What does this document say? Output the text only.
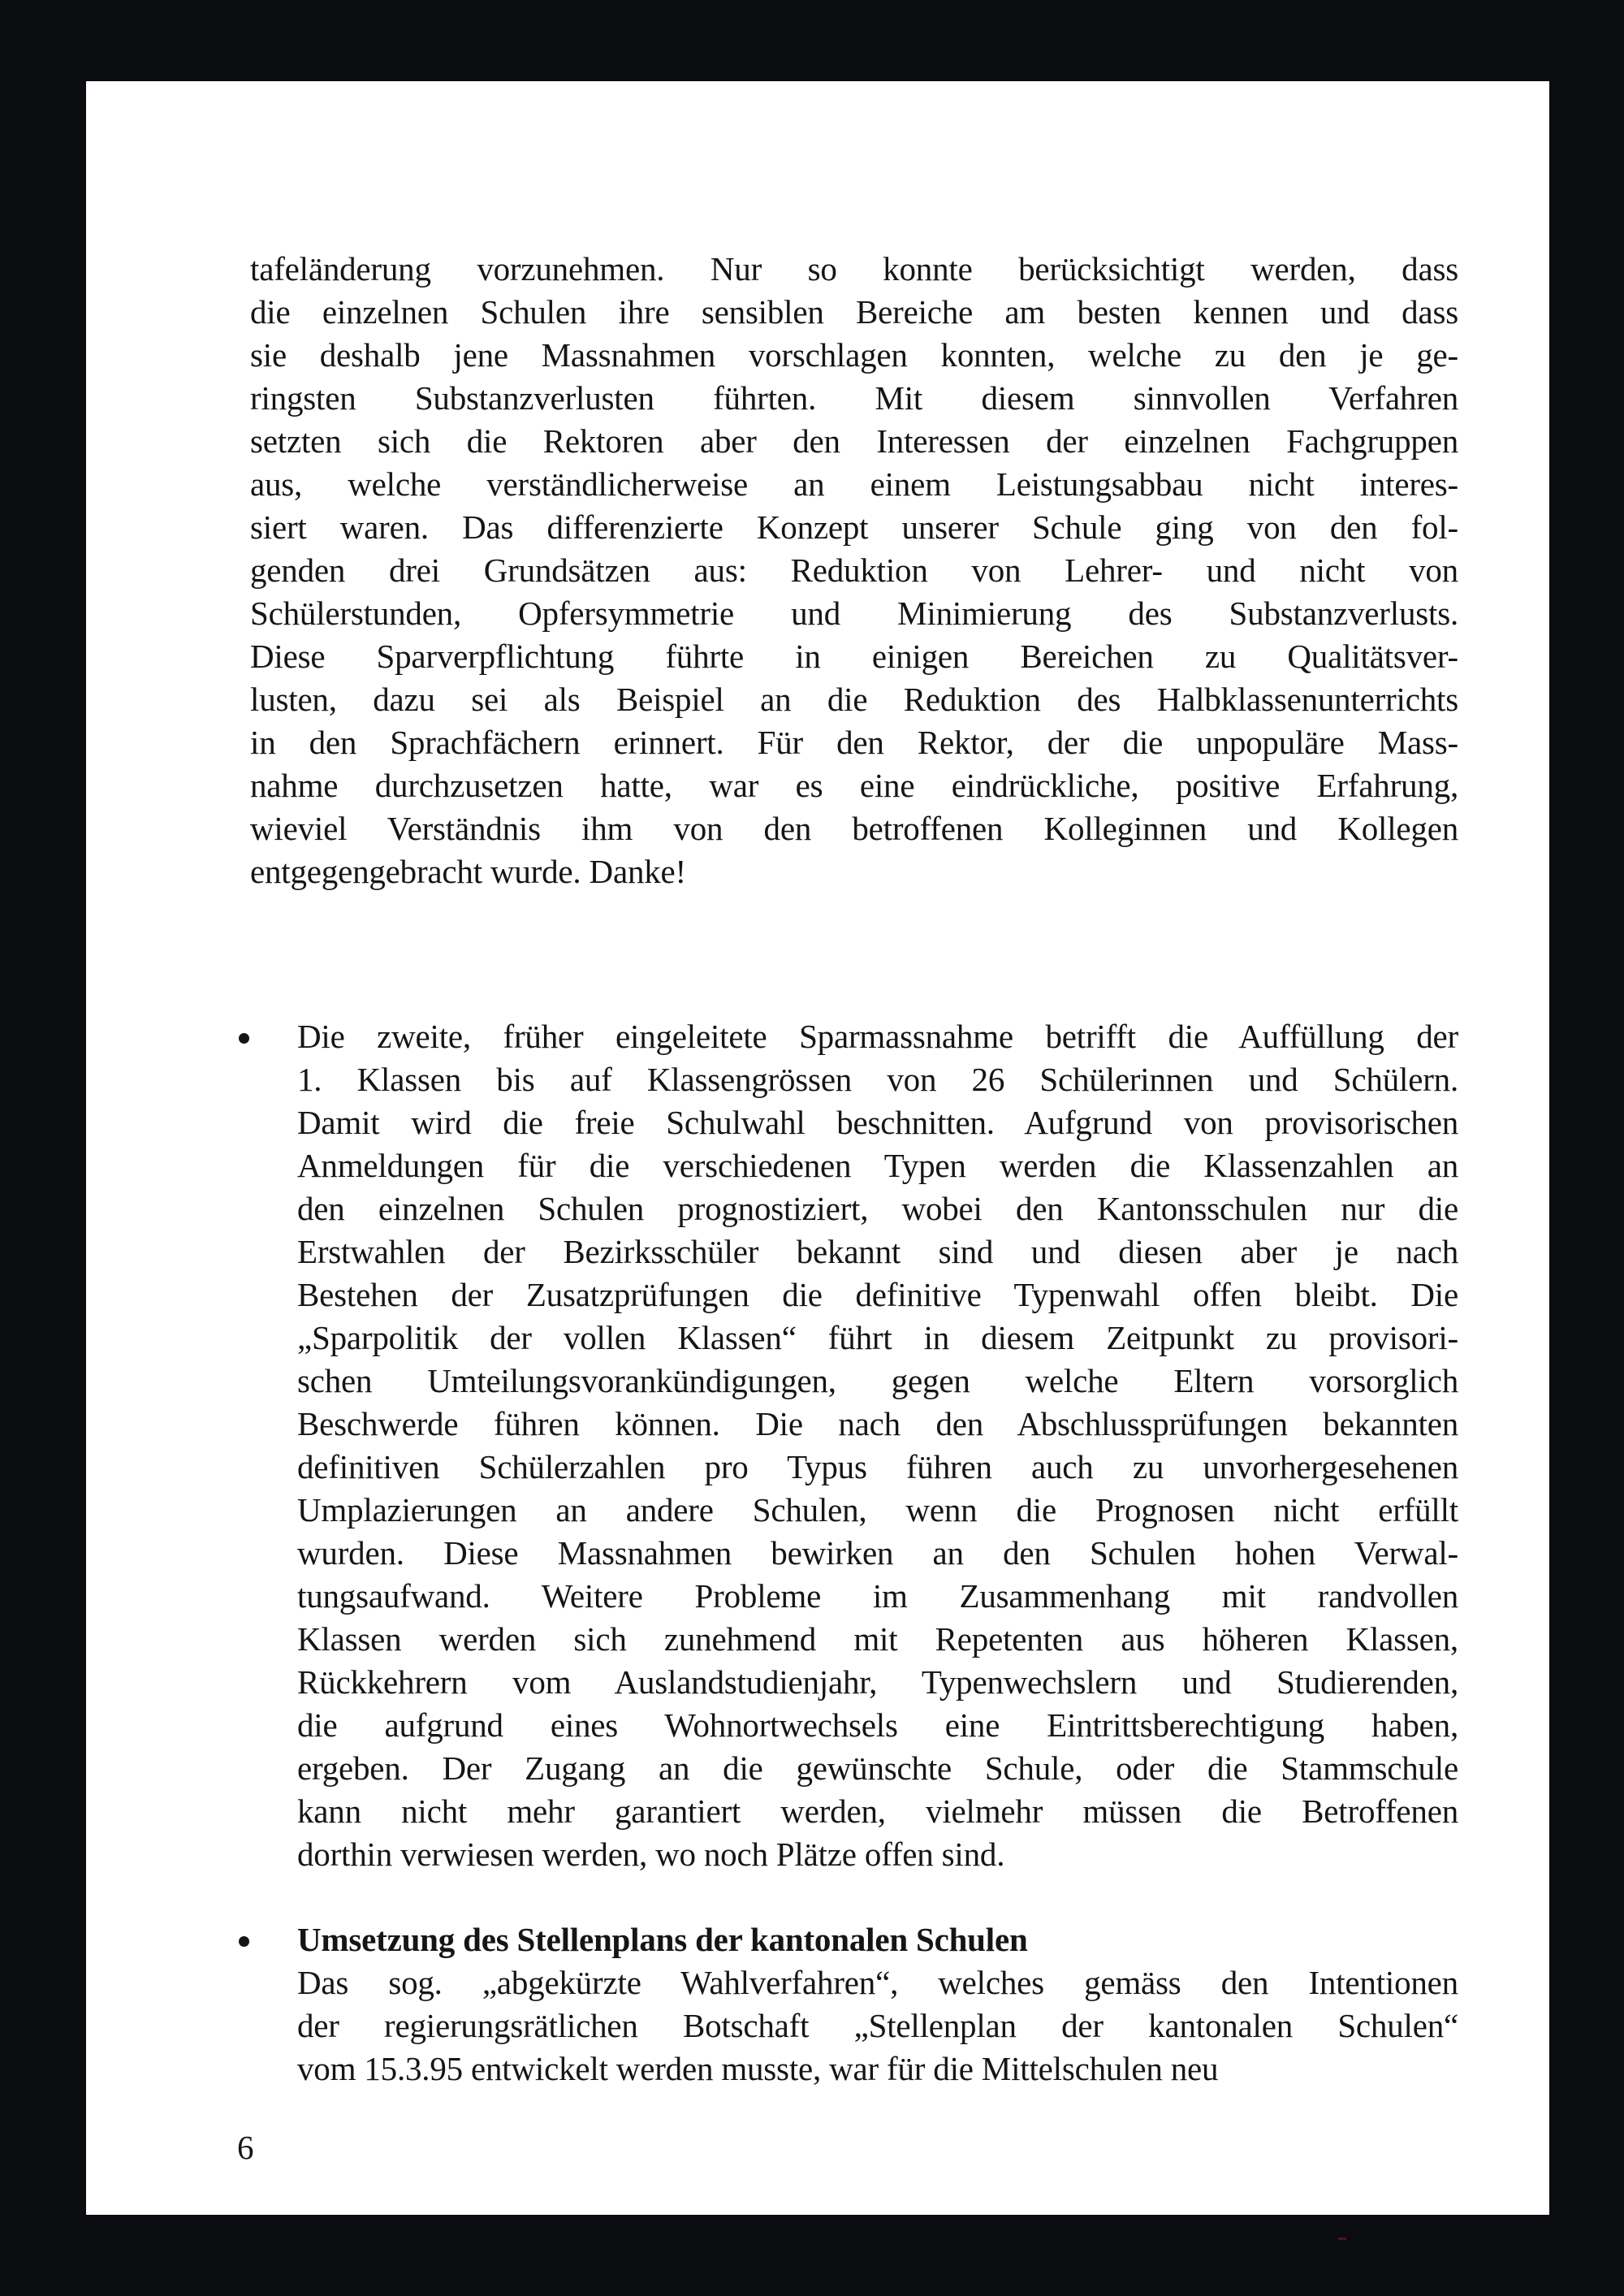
tafeländerung vorzunehmen. Nur so konnte berücksichtigt werden, dass
die einzelnen Schulen ihre sensiblen Bereiche am besten kennen und dass
sie deshalb jene Massnahmen vorschlagen konnten, welche zu den je ge-
ringsten Substanzverlusten führten. Mit diesem sinnvollen Verfahren
setzten sich die Rektoren aber den Interessen der einzelnen Fachgruppen
aus, welche verständlicherweise an einem Leistungsabbau nicht interes-
siert waren. Das differenzierte Konzept unserer Schule ging von den fol-
genden drei Grundsätzen aus: Reduktion von Lehrer- und nicht von
Schülerstunden, Opfersymmetrie und Minimierung des Substanzverlusts.
Diese Sparverpflichtung führte in einigen Bereichen zu Qualitätsver-
lusten, dazu sei als Beispiel an die Reduktion des Halbklassenunterrichts
in den Sprachfächern erinnert. Für den Rektor, der die unpopuläre Mass-
nahme durchzusetzen hatte, war es eine eindrückliche, positive Erfahrung,
wieviel Verständnis ihm von den betroffenen Kolleginnen und Kollegen
entgegengebracht wurde. Danke!
Die zweite, früher eingeleitete Sparmassnahme betrifft die Auffüllung der
1. Klassen bis auf Klassengrössen von 26 Schülerinnen und Schülern.
Damit wird die freie Schulwahl beschnitten. Aufgrund von provisorischen
Anmeldungen für die verschiedenen Typen werden die Klassenzahlen an
den einzelnen Schulen prognostiziert, wobei den Kantonsschulen nur die
Erstwahlen der Bezirksschüler bekannt sind und diesen aber je nach
Bestehen der Zusatzprüfungen die definitive Typenwahl offen bleibt. Die
„Sparpolitik der vollen Klassen“ führt in diesem Zeitpunkt zu provisori-
schen Umteilungsvorankündigungen, gegen welche Eltern vorsorglich
Beschwerde führen können. Die nach den Abschlussprüfungen bekannten
definitiven Schülerzahlen pro Typus führen auch zu unvorhergesehenen
Umplazierungen an andere Schulen, wenn die Prognosen nicht erfüllt
wurden. Diese Massnahmen bewirken an den Schulen hohen Verwal-
tungsaufwand. Weitere Probleme im Zusammenhang mit randvollen
Klassen werden sich zunehmend mit Repetenten aus höheren Klassen,
Rückkehrern vom Auslandstudienjahr, Typenwechslern und Studierenden,
die aufgrund eines Wohnortwechsels eine Eintrittsberechtigung haben,
ergeben. Der Zugang an die gewünschte Schule, oder die Stammschule
kann nicht mehr garantiert werden, vielmehr müssen die Betroffenen
dorthin verwiesen werden, wo noch Plätze offen sind.
Umsetzung des Stellenplans der kantonalen Schulen
Das sog. „abgekürzte Wahlverfahren“, welches gemäss den Intentionen
der regierungsrätlichen Botschaft „Stellenplan der kantonalen Schulen“
vom 15.3.95 entwickelt werden musste, war für die Mittelschulen neu
6
